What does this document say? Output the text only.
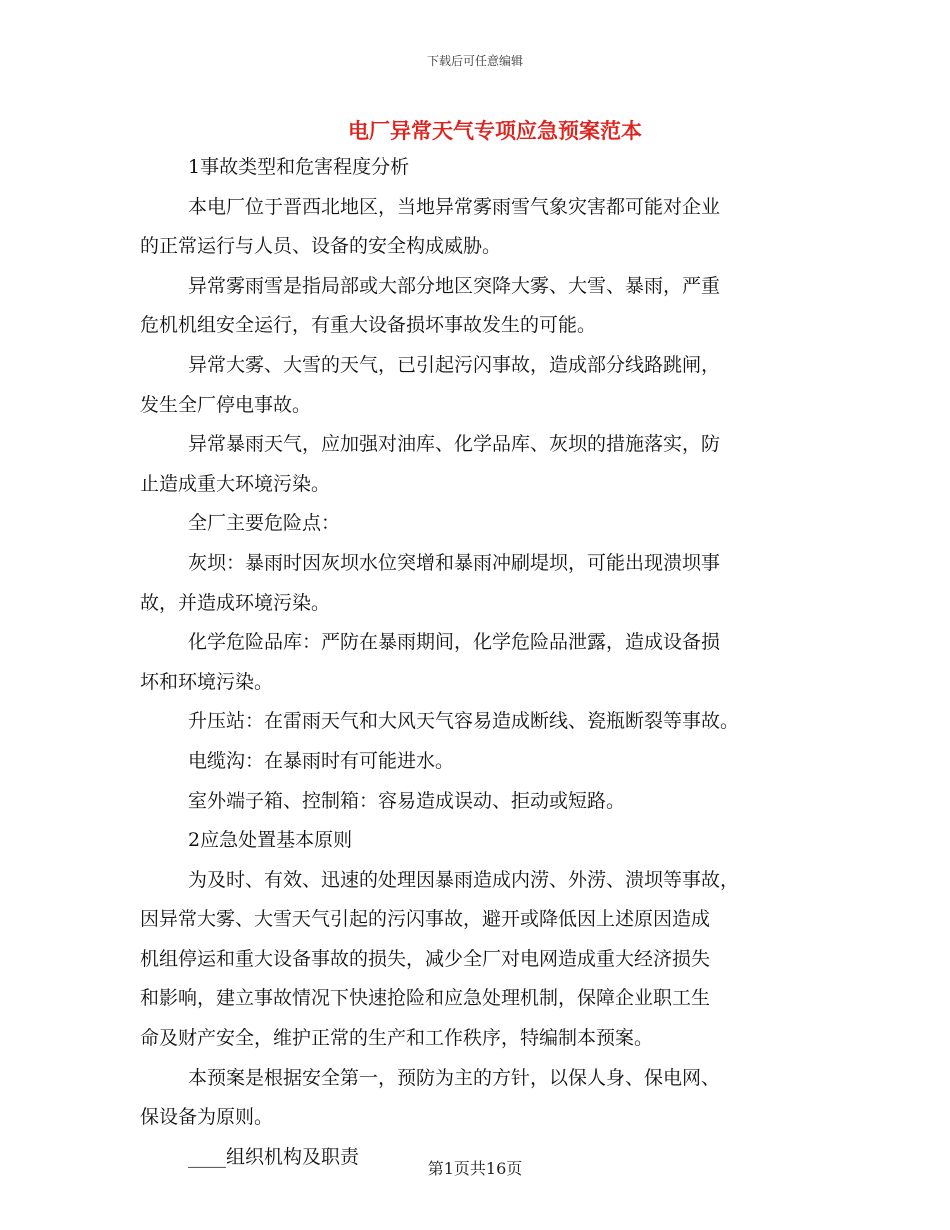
下载后可任意编辑
电厂异常天气专项应急预案范本

1事故类型和危害程度分析

本电厂位于晋西北地区，当地异常雾雨雪气象灾害都可能对企业

的正常运行与人员、设备的安全构成威胁。

异常雾雨雪是指局部或大部分地区突降大雾、大雪、暴雨，严重

危机机组安全运行，有重大设备损坏事故发生的可能。

异常大雾、大雪的天气，已引起污闪事故，造成部分线路跳闸，

发生全厂停电事故。

异常暴雨天气，应加强对油库、化学品库、灰坝的措施落实，防

止造成重大环境污染。

全厂主要危险点：

灰坝：暴雨时因灰坝水位突增和暴雨冲刷堤坝，可能出现溃坝事

故，并造成环境污染。

化学危险品库：严防在暴雨期间，化学危险品泄露，造成设备损

坏和环境污染。

升压站：在雷雨天气和大风天气容易造成断线、瓷瓶断裂等事故。

电缆沟：在暴雨时有可能进水。

室外端子箱、控制箱：容易造成误动、拒动或短路。

2应急处置基本原则

为及时、有效、迅速的处理因暴雨造成内涝、外涝、溃坝等事故，

因异常大雾、大雪天气引起的污闪事故，避开或降低因上述原因造成

机组停运和重大设备事故的损失，减少全厂对电网造成重大经济损失

和影响，建立事故情况下快速抢险和应急处理机制，保障企业职工生

命及财产安全，维护正常的生产和工作秩序，特编制本预案。

本预案是根据安全第一，预防为主的方针，以保人身、保电网、

保设备为原则。

____组织机构及职责

第1页共16页
